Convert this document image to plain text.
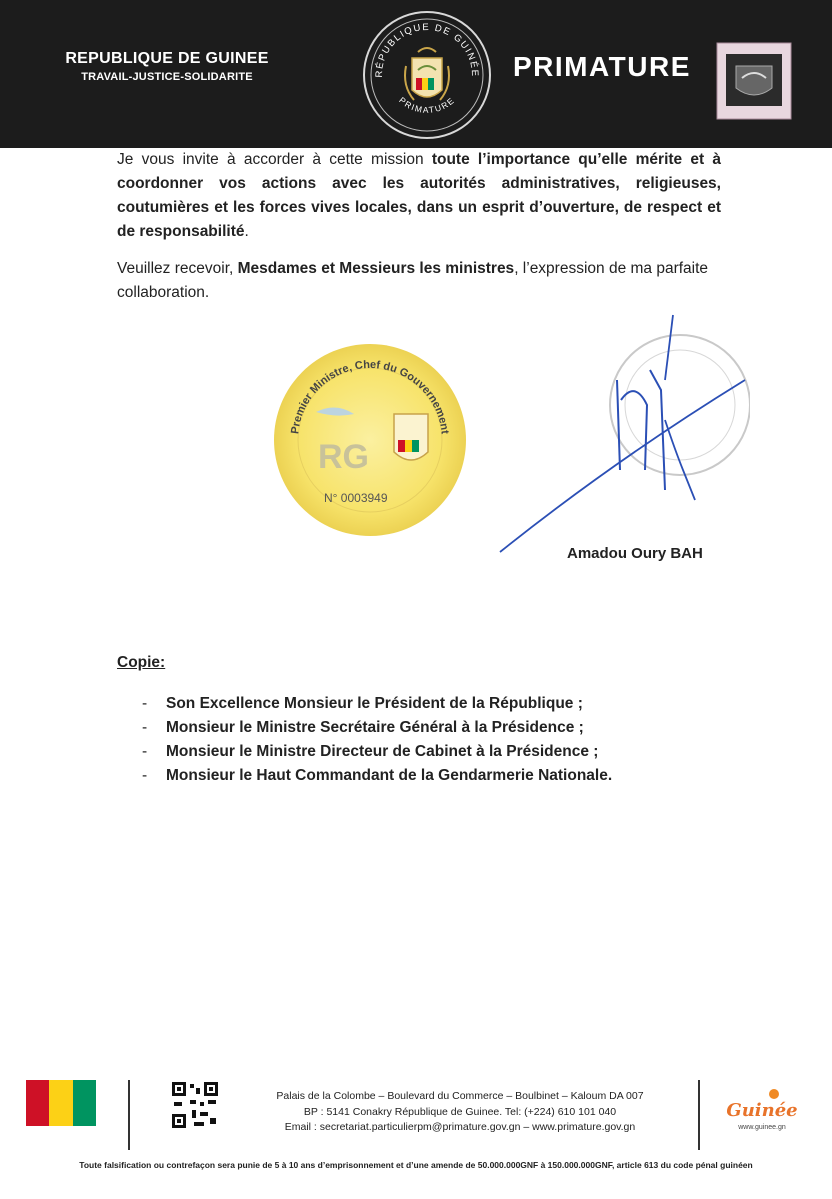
REPUBLIQUE DE GUINEE
TRAVAIL-JUSTICE-SOLIDARITE	RÉPUBLIQUE DE GUINÉE
PRIMATURE
PRIMATURE
Je vous invite à accorder à cette mission toute l’importance qu’elle mérite et à coordonner vos actions avec les autorités administratives, religieuses, coutumières et les forces vives locales, dans un esprit d’ouverture, de respect et de responsabilité.
Veuillez recevoir, Mesdames et Messieurs les ministres, l’expression de ma parfaite collaboration.
Premier Ministre, Chef du Gouvernement
RG
N° 0003949
Amadou Oury BAH
Copie:
- Son Excellence Monsieur le Président de la République ;
- Monsieur le Ministre Secrétaire Général à la Présidence ;
- Monsieur le Ministre Directeur de Cabinet à la Présidence ;
- Monsieur le Haut Commandant de la Gendarmerie Nationale.
Palais de la Colombe – Boulevard du Commerce – Boulbinet – Kaloum DA 007
BP : 5141 Conakry République de Guinee. Tel: (+224) 610 101 040
Email : secretariat.particulierpm@primature.gov.gn – www.primature.gov.gn
Guinée
www.guinee.gn
Toute falsification ou contrefaçon sera punie de 5 à 10 ans d’emprisonnement et d’une amende de 50.000.000GNF à 150.000.000GNF, article 613 du code pénal guinéen
